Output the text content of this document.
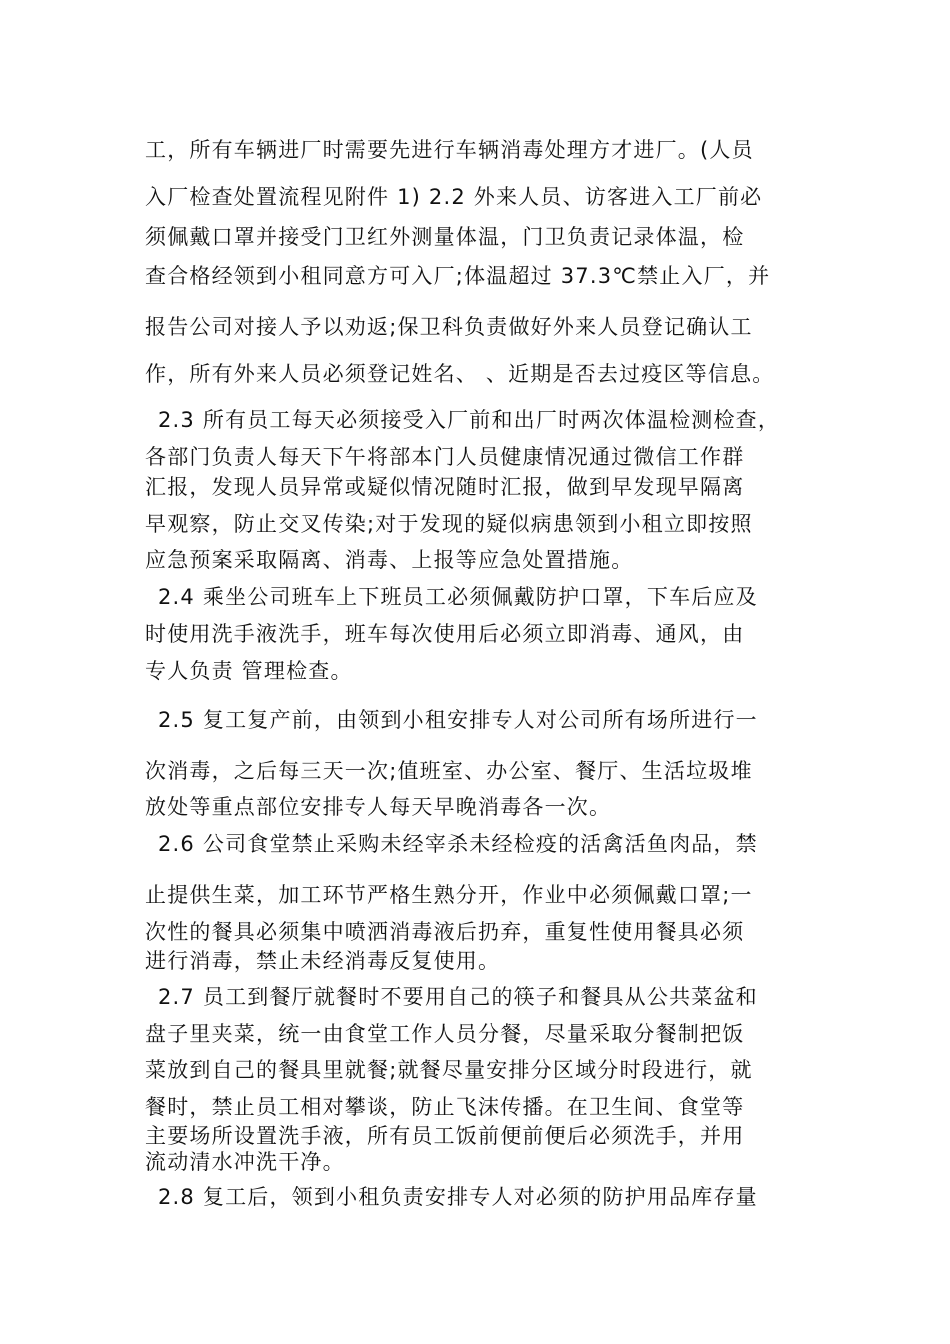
工，所有车辆进厂时需要先进行车辆消毒处理方才进厂。(人员
入厂检查处置流程见附件 1) 2.2 外来人员、访客进入工厂前必
须佩戴口罩并接受门卫红外测量体温，门卫负责记录体温，检
查合格经领到小租同意方可入厂;体温超过 37.3℃禁止入厂，并
报告公司对接人予以劝返;保卫科负责做好外来人员登记确认工
作，所有外来人员必须登记姓名、 、近期是否去过疫区等信息。
2.3 所有员工每天必须接受入厂前和出厂时两次体温检测检查，
各部门负责人每天下午将部本门人员健康情况通过微信工作群
汇报，发现人员异常或疑似情况随时汇报，做到早发现早隔离
早观察，防止交叉传染;对于发现的疑似病患领到小租立即按照
应急预案采取隔离、消毒、上报等应急处置措施。
2.4 乘坐公司班车上下班员工必须佩戴防护口罩，下车后应及
时使用洗手液洗手，班车每次使用后必须立即消毒、通风，由
专人负责 管理检查。
2.5 复工复产前，由领到小租安排专人对公司所有场所进行一
次消毒，之后每三天一次;值班室、办公室、餐厅、生活垃圾堆
放处等重点部位安排专人每天早晚消毒各一次。
2.6 公司食堂禁止采购未经宰杀未经检疫的活禽活鱼肉品，禁
止提供生菜，加工环节严格生熟分开，作业中必须佩戴口罩;一
次性的餐具必须集中喷洒消毒液后扔弃，重复性使用餐具必须
进行消毒，禁止未经消毒反复使用。
2.7 员工到餐厅就餐时不要用自己的筷子和餐具从公共菜盆和
盘子里夹菜，统一由食堂工作人员分餐，尽量采取分餐制把饭
菜放到自己的餐具里就餐;就餐尽量安排分区域分时段进行，就
餐时，禁止员工相对攀谈，防止飞沫传播。在卫生间、食堂等
主要场所设置洗手液，所有员工饭前便前便后必须洗手，并用
流动清水冲洗干净。
2.8 复工后，领到小租负责安排专人对必须的防护用品库存量
